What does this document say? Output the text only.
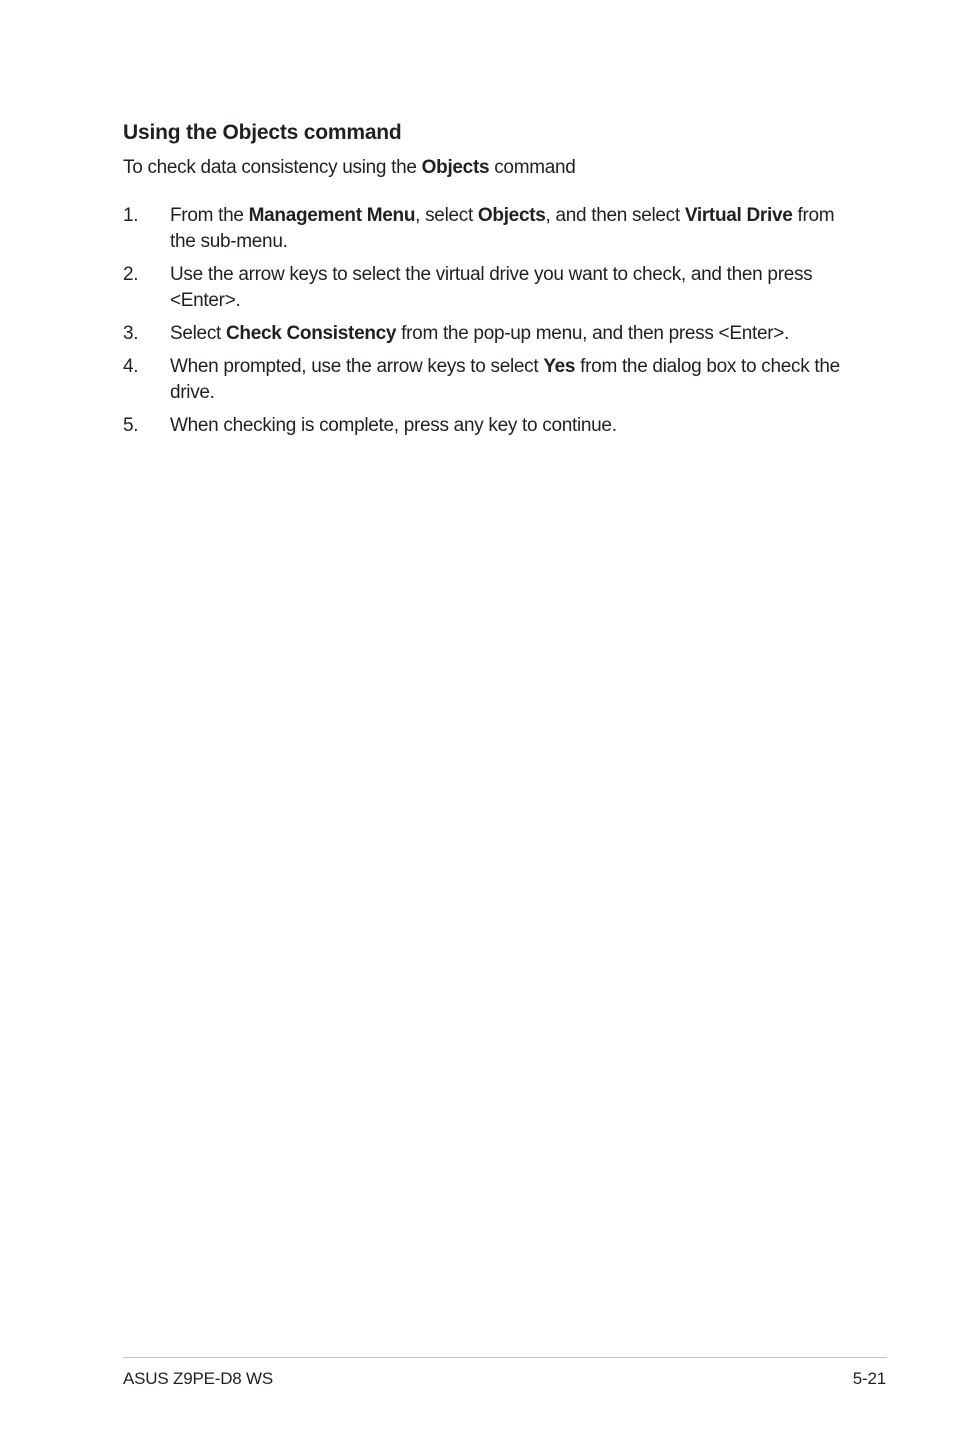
Using the Objects command

To check data consistency using the Objects command

1.	From the Management Menu, select Objects, and then select Virtual Drive from the sub-menu.
2.	Use the arrow keys to select the virtual drive you want to check, and then press <Enter>.
3.	Select Check Consistency from the pop-up menu, and then press <Enter>.
4.	When prompted, use the arrow keys to select Yes from the dialog box to check the drive.
5.	When checking is complete, press any key to continue.
ASUS Z9PE-D8 WS	5-21
